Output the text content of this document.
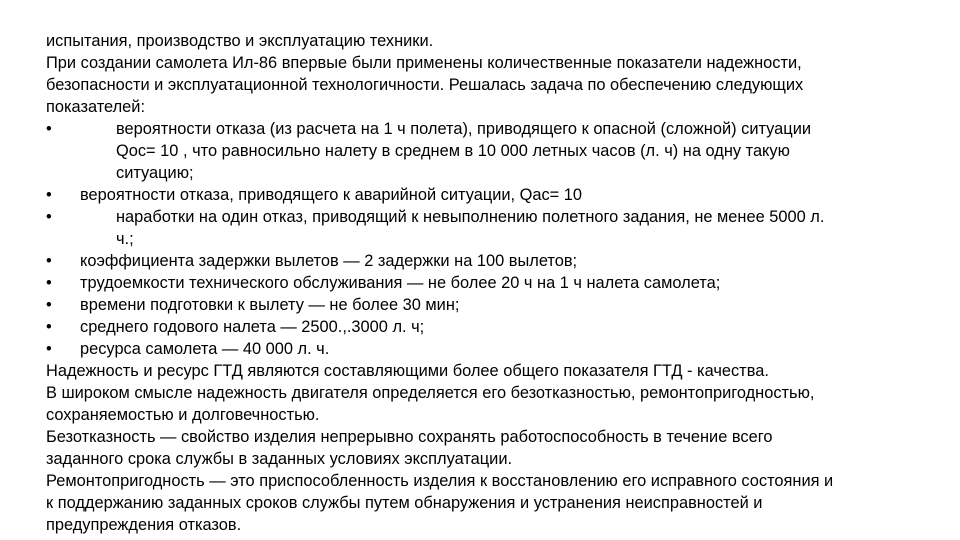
испытания, производство и эксплуатацию техники.

При создании самолета Ил-86 впервые были применены количественные показатели надежности,

безопасности и эксплуатационной технологичности. Решалась задача по обеспечению следующих

показателей:

•	вероятности отказа (из расчета на 1 ч полета), приводящего к опасной (сложной) ситуации

Qос= 10 , что равносильно налету в среднем в 10 000 летных часов (л. ч) на одну такую

ситуацию;

• вероятности отказа, приводящего к аварийной ситуации, Qас= 10

•	наработки на один отказ, приводящий к невыполнению полетного задания, не менее 5000 л.

ч.;

• коэффициента задержки вылетов — 2 задержки на 100 вылетов;

• трудоемкости технического обслуживания — не более 20 ч на 1 ч налета самолета;

• времени подготовки к вылету — не более 30 мин;

• среднего годового налета — 2500.,.3000 л. ч;

• ресурса самолета — 40 000 л. ч.

Надежность и ресурс ГТД являются составляющими более общего показателя ГТД - качества.

В широком смысле надежность двигателя определяется его безотказностью, ремонтопригодностью,

сохраняемостью и долговечностью.

Безотказность — свойство изделия непрерывно сохранять работоспособность в течение всего

заданного срока службы в заданных условиях эксплуатации.

Ремонтопригодность — это приспособленность изделия к восстановлению его исправного состояния и

к поддержанию заданных сроков службы путем обнаружения и устранения неисправностей и

предупреждения отказов.
